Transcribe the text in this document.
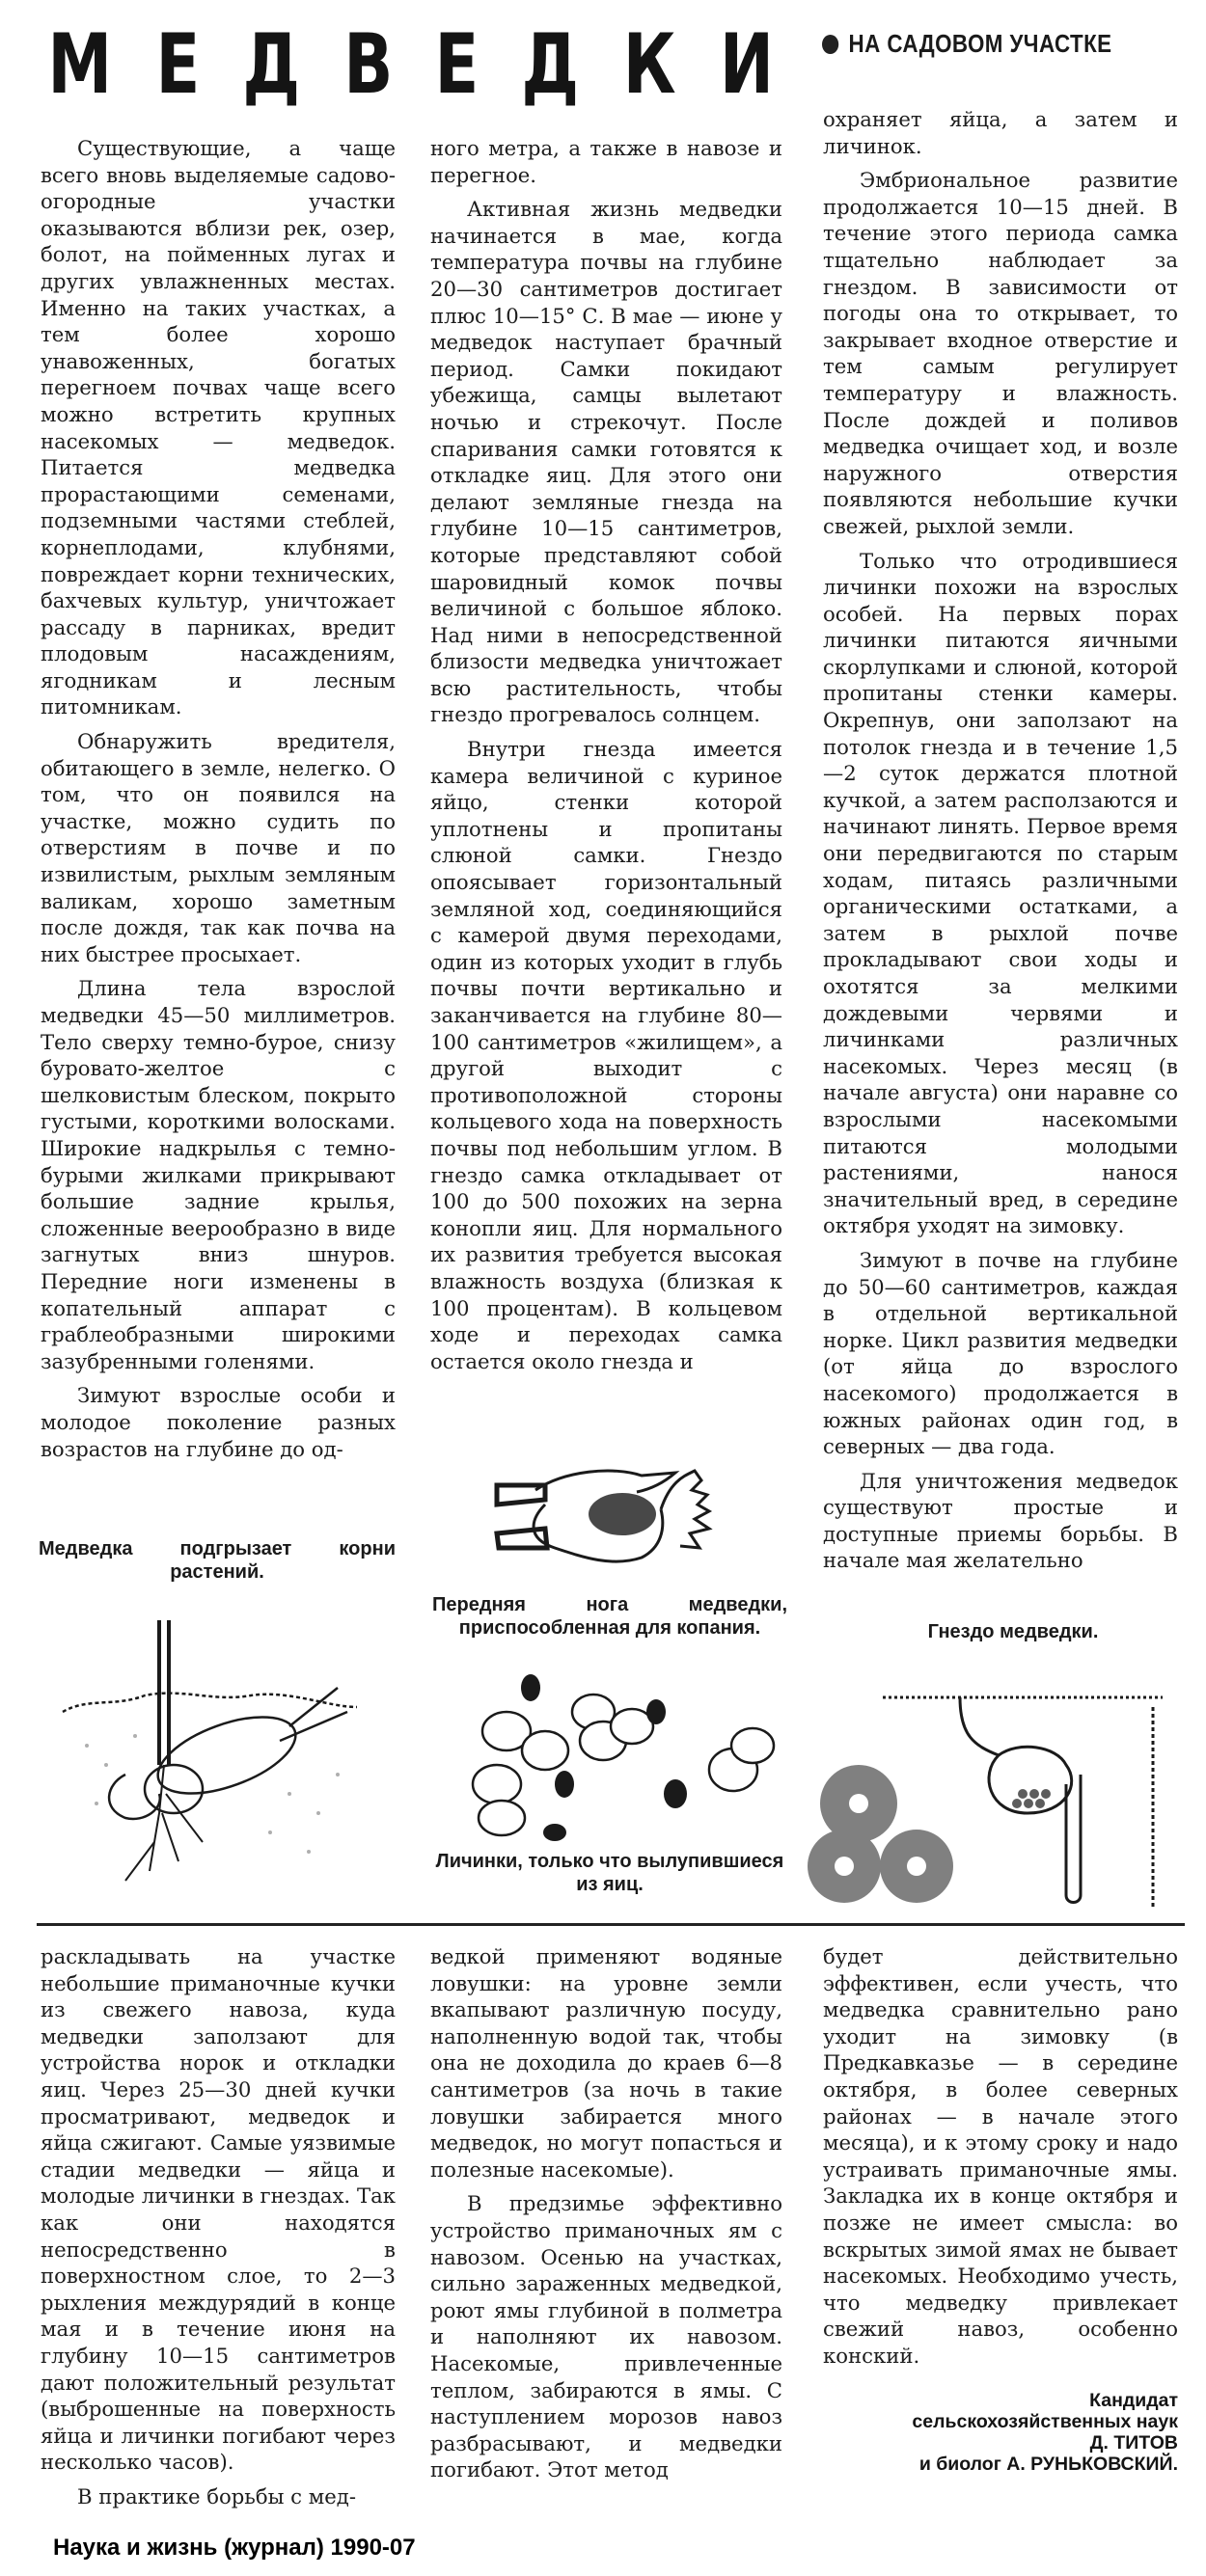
М Е Д В Е Д К И	НА САДОВОМ УЧАСТКЕ

Существующие, а чаще всего вновь выделяемые садово-огородные участки оказываются вблизи рек, озер, болот, на пойменных лугах и других увлажненных местах. Именно на таких участках, а тем более хорошо унавоженных, богатых перегноем почвах чаще всего можно встретить крупных насекомых — медведок. Питается медведка прорастающими семенами, подземными частями стеблей, корнеплодами, клубнями, повреждает корни технических, бахчевых культур, уничтожает рассаду в парниках, вредит плодовым насаждениям, ягодникам и лесным питомникам.

Обнаружить вредителя, обитающего в земле, нелегко. О том, что он появился на участке, можно судить по отверстиям в почве и по извилистым, рыхлым земляным валикам, хорошо заметным после дождя, так как почва на них быстрее просыхает.

Длина тела взрослой медведки 45—50 миллиметров. Тело сверху темно-бурое, снизу буровато-желтое с шелковистым блеском, покрыто густыми, короткими волосками. Широкие надкрылья с темно-бурыми жилками прикрывают большие задние крылья, сложенные веерообразно в виде загнутых вниз шнуров. Передние ноги изменены в копательный аппарат с граблеобразными широкими зазубренными голенями.

Зимуют взрослые особи и молодое поколение разных возрастов на глубине до од-

ного метра, а также в навозе и перегное.

Активная жизнь медведки начинается в мае, когда температура почвы на глубине 20—30 сантиметров достигает плюс 10—15° С. В мае — июне у медведок наступает брачный период. Самки покидают убежища, самцы вылетают ночью и стрекочут. После спаривания самки готовятся к откладке яиц. Для этого они делают земляные гнезда на глубине 10—15 сантиметров, которые представляют собой шаровидный комок почвы величиной с большое яблоко. Над ними в непосредственной близости медведка уничтожает всю растительность, чтобы гнездо прогревалось солнцем.

Внутри гнезда имеется камера величиной с куриное яйцо, стенки которой уплотнены и пропитаны слюной самки. Гнездо опоясывает горизонтальный земляной ход, соединяющийся с камерой двумя переходами, один из которых уходит в глубь почвы почти вертикально и заканчивается на глубине 80—100 сантиметров «жилищем», а другой выходит с противоположной стороны кольцевого хода на поверхность почвы под небольшим углом. В гнездо самка откладывает от 100 до 500 похожих на зерна конопли яиц. Для нормального их развития требуется высокая влажность воздуха (близкая к 100 процентам). В кольцевом ходе и переходах самка остается около гнезда и

охраняет яйца, а затем и личинок.

Эмбриональное развитие продолжается 10—15 дней. В течение этого периода самка тщательно наблюдает за гнездом. В зависимости от погоды она то открывает, то закрывает входное отверстие и тем самым регулирует температуру и влажность. После дождей и поливов медведка очищает ход, и возле наружного отверстия появляются небольшие кучки свежей, рыхлой земли.

Только что отродившиеся личинки похожи на взрослых особей. На первых порах личинки питаются яичными скорлупками и слюной, которой пропитаны стенки камеры. Окрепнув, они заползают на потолок гнезда и в течение 1,5—2 суток держатся плотной кучкой, а затем расползаются и начинают линять. Первое время они передвигаются по старым ходам, питаясь различными органическими остатками, а затем в рыхлой почве прокладывают свои ходы и охотятся за мелкими дождевыми червями и личинками различных насекомых. Через месяц (в начале августа) они наравне со взрослыми насекомыми питаются молодыми растениями, нанося значительный вред, в середине октября уходят на зимовку.

Зимуют в почве на глубине до 50—60 сантиметров, каждая в отдельной вертикальной норке. Цикл развития медведки (от яйца до взрослого насекомого) продолжается в южных районах один год, в северных — два года.

Для уничтожения медведок существуют простые и доступные приемы борьбы. В начале мая желательно

Медведка подгрызает корни растений.
Передняя нога медведки, приспособленная для копания.	Гнездо медведки.
Личинки, только что вылупившиеся из яиц.

раскладывать на участке небольшие приманочные кучки из свежего навоза, куда медведки заползают для устройства норок и откладки яиц. Через 25—30 дней кучки просматривают, медведок и яйца сжигают. Самые уязвимые стадии медведки — яйца и молодые личинки в гнездах. Так как они находятся непосредственно в поверхностном слое, то 2—3 рыхления междурядий в конце мая и в течение июня на глубину 10—15 сантиметров дают положительный результат (выброшенные на поверхность яйца и личинки погибают через несколько часов).

В практике борьбы с мед-

ведкой применяют водяные ловушки: на уровне земли вкапывают различную посуду, наполненную водой так, чтобы она не доходила до краев 6—8 сантиметров (за ночь в такие ловушки забирается много медведок, но могут попасться и полезные насекомые).

В предзимье эффективно устройство приманочных ям с навозом. Осенью на участках, сильно зараженных медведкой, роют ямы глубиной в полметра и наполняют их навозом. Насекомые, привлеченные теплом, забираются в ямы. С наступлением морозов навоз разбрасывают, и медведки погибают. Этот метод

будет действительно эффективен, если учесть, что медведка сравнительно рано уходит на зимовку (в Предкавказье — в середине октября, в более северных районах — в начале этого месяца), и к этому сроку и надо устраивать приманочные ямы. Закладка их в конце октября и позже не имеет смысла: во вскрытых зимой ямах не бывает насекомых. Необходимо учесть, что медведку привлекает свежий навоз, особенно конский.

Кандидат
сельскохозяйственных наук
Д. ТИТОВ
и биолог А. РУНЬКОВСКИЙ.
Наука и жизнь (журнал) 1990-07
